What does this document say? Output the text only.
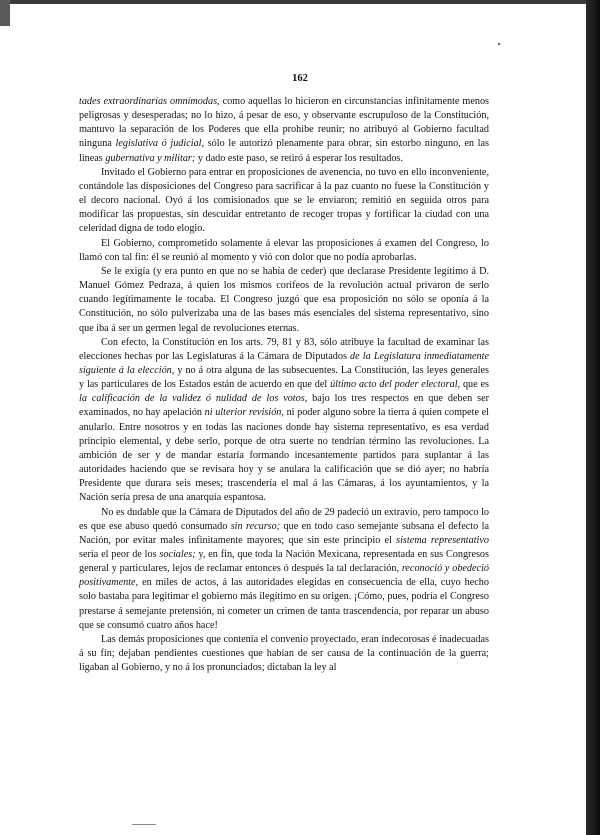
162

tades extraordinarias omnímodas, como aquellas lo hicieron en circunstancias infinitamente menos peligrosas y desesperadas; no lo hizo, á pesar de eso, y observante escrupuloso de la Constitución, mantuvo la separación de los Poderes que ella prohibe reunir; no atribuyó al Gobierno facultad ninguna legislativa ó judicial, sólo le autorizó plenamente para obrar, sin estorbo ninguno, en las líneas gubernativa y militar; y dado este paso, se retiró á esperar los resultados.

Invitado el Gobierno para entrar en proposiciones de avenencia, no tuvo en ello inconveniente, contándole las disposiciones del Congreso para sacrificar á la paz cuanto no fuese la Constitución y el decoro nacional. Oyó á los comisionados que se le enviaron; remitió en seguida otros para modificar las propuestas, sin descuidar entretanto de recoger tropas y fortificar la ciudad con una celeridad digna de todo elogio.

El Gobierno, comprometido solamente á elevar las proposiciones á examen del Congreso, lo llamó con tal fin: él se reunió al momento y vió con dolor que no podía aprobarlas.

Se le exigía (y era punto en que no se había de ceder) que declarase Presidente legítimo á D. Manuel Gómez Pedraza, á quien los mismos corifeos de la revolución actual privaron de serlo cuando legítimamente le tocaba. El Congreso juzgó que esa proposición no sólo se oponía á la Constitución, no sólo pulverizaba una de las bases más esenciales del sistema representativo, sino que iba á ser un germen legal de revoluciones eternas.

Con efecto, la Constitución en los arts. 79, 81 y 83, sólo atribuye la facultad de examinar las elecciones hechas por las Legislaturas á la Cámara de Diputados de la Legislatura inmediatamente siguiente á la elección, y no á otra alguna de las subsecuentes. La Constitución, las leyes generales y las particulares de los Estados están de acuerdo en que del último acto del poder electoral, que es la calificación de la validez ó nulidad de los votos, bajo los tres respectos en que deben ser examinados, no hay apelación ni ulterior revisión, ni poder alguno sobre la tierra á quien compete el anularlo. Entre nosotros y en todas las naciones donde hay sistema representativo, es esa verdad principio elemental, y debe serlo, porque de otra suerte no tendrían término las revoluciones. La ambición de ser y de mandar estaría formando incesantemente partidos para suplantar á las autoridades haciendo que se revisara hoy y se anulara la calificación que se dió ayer; no habría Presidente que durara seis meses; trascendería el mal á las Cámaras, á los ayuntamientos, y la Nación sería presa de una anarquía espantosa.

No es dudable que la Cámara de Diputados del año de 29 padeció un extravío, pero tampoco lo es que ese abuso quedó consumado sin recurso; que en todo caso semejante subsana el defecto la Nación, por evitar males infinitamente mayores; que sin este principio el sistema representativo sería el peor de los sociales; y, en fin, que toda la Nación Mexicana, representada en sus Congresos general y particulares, lejos de reclamar entonces ó después la tal declaración, reconoció y obedeció positivamente, en miles de actos, á las autoridades elegidas en consecuencia de ella, cuyo hecho solo bastaba para legitimar el gobierno más ilegítimo en su origen. ¡Cómo, pues, podría el Congreso prestarse á semejante pretensión, ni cometer un crimen de tanta trascendencia, por reparar un abuso que se consumó cuatro años hace!

Las demás proposiciones que contenía el convenio proyectado, eran indecorosas é inadecuadas á su fin; dejaban pendientes cuestiones que habían de ser causa de la continuación de la guerra; ligaban al Gobierno, y no á los pronunciados; dictaban la ley al
